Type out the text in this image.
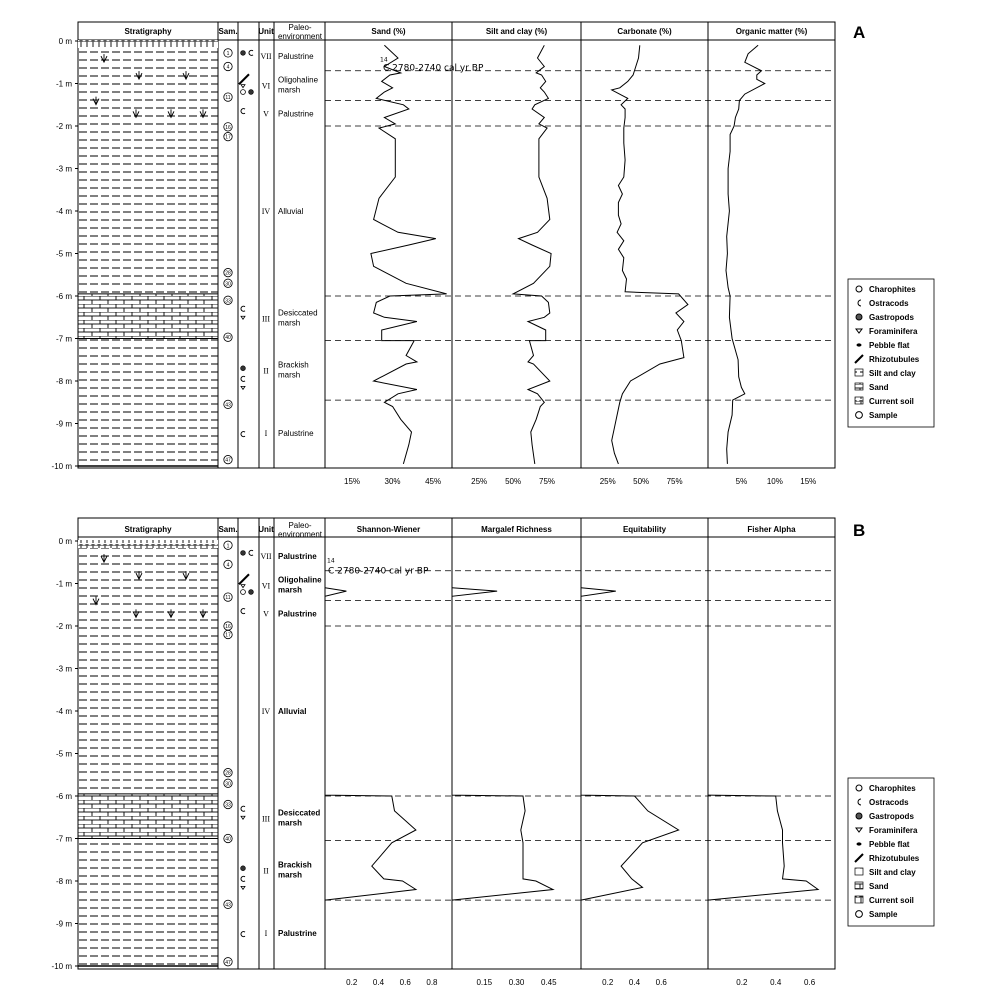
Stratigraphy	Sam.	Unit	Paleo-environment
0 m
-1 m
-2 m
-3 m
-4 m
-5 m
-6 m
-7 m
-8 m
-9 m
-10 m
VII Palustrine
VI
Oligohaline marsh
V Palustrine
IV Alluvial
III
Desiccated marsh
II
Brackish marsh
I Palustrine
1
4
11
16
17
28
30
33
40
43
47
14
C 2780-2740 cal yr BP
Sand (%)
15%	30%	45%
Silt and clay (%)
25% 50% 75%
Carbonate (%)
25% 50% 75%
Organic matter (%)
5% 10% 15%
A
Stratigraphy	Sam.	Unit	Paleo-environment
0 m
-1 m
-2 m
-3 m
-4 m
-5 m
-6 m
-7 m
-8 m
-9 m
-10 m
VII Palustrine
VI
Oligohaline marsh
V Palustrine
IV Alluvial
III
Desiccated marsh
II
Brackish marsh
I Palustrine
1
4
11
16
17
28
30
33
40
43
47
14
C 2780-2740 cal yr BP
Shannon-Wiener
0.2 0.4 0.6 0.8
Margalef Richness
0.15 0.30 0.45
Equitability
0.2 0.4 0.6
Fisher Alpha
0.2	0.4	0.6
B
Charophites
Ostracods
Gastropods
Foraminifera
Pebble flat
Rhizotubules
Silt and clay
Sand
Current soil
Sample
Charophites
Ostracods
Gastropods
Foraminifera
Pebble flat
Rhizotubules
Silt and clay
Sand
Current soil
Sample
